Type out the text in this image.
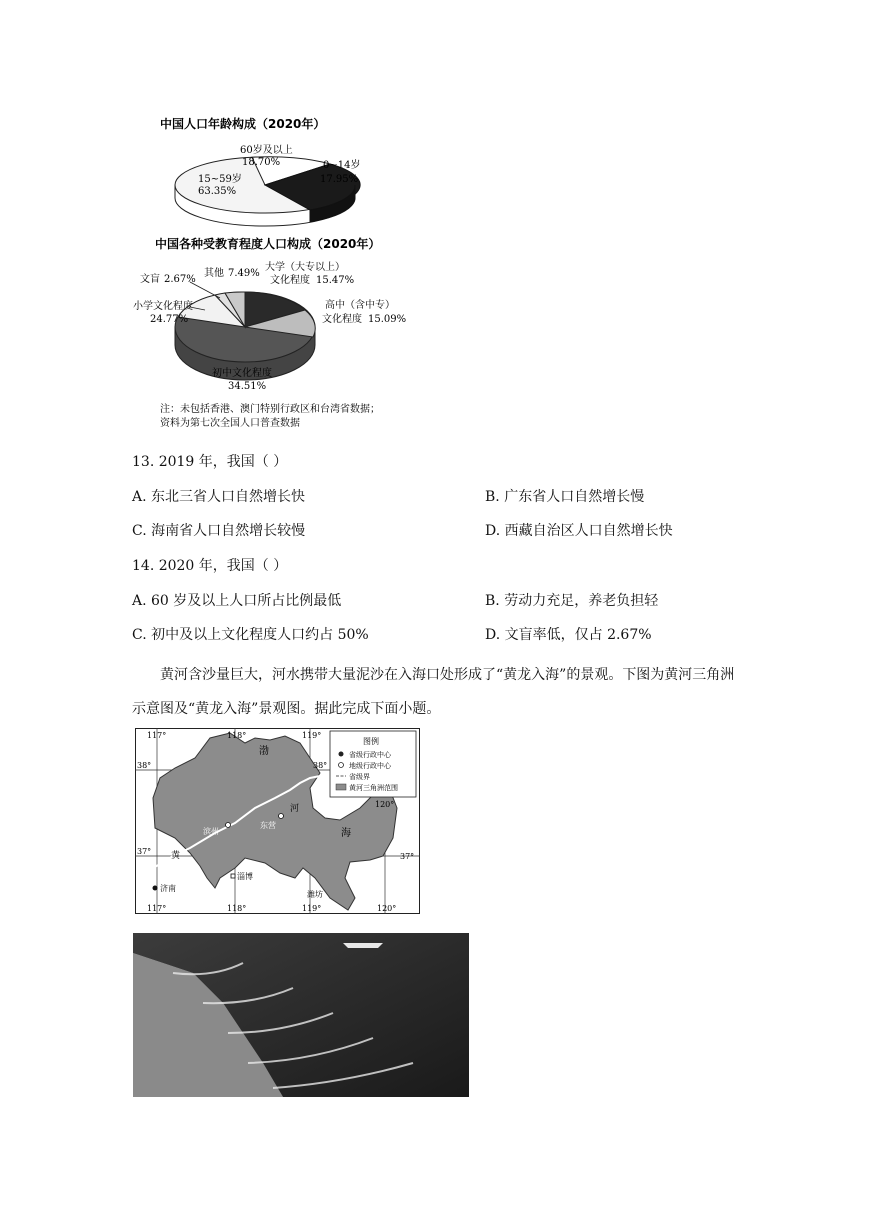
中国人口年龄构成（2020年）
60岁及以上
18.70%	0~14岁
17.95%
15~59岁
63.35%
中国各种受教育程度人口构成（2020年）
大学（大专以上）
文化程度 15.47%
高中（含中专）
文化程度 15.09%
初中文化程度
34.51%
小学文化程度
24.77%
文盲 2.67%
其他 7.49%
注：未包括香港、澳门特别行政区和台湾省数据；
资料为第七次全国人口普查数据
13. 2019 年，我国（ ）
A. 东北三省人口自然增长快	B. 广东省人口自然增长慢
C. 海南省人口自然增长较慢	D. 西藏自治区人口自然增长快
14. 2020 年，我国（ ）
A. 60 岁及以上人口所占比例最低	B. 劳动力充足，养老负担轻
C. 初中及以上文化程度人口约占 50%	D. 文盲率低，仅占 2.67%
黄河含沙量巨大，河水携带大量泥沙在入海口处形成了“黄龙入海”的景观。下图为黄河三角洲示意图及“黄龙入海”景观图。据此完成下面小题。
图例
省级行政中心
地级行政中心
省级界
黄河三角洲范围
117°	118°	119°
38°
37°
38°
37°
120°
117°	118°	119°	120°
渤
海
河
黄
滨州
东营
淄博
潍坊
济南
